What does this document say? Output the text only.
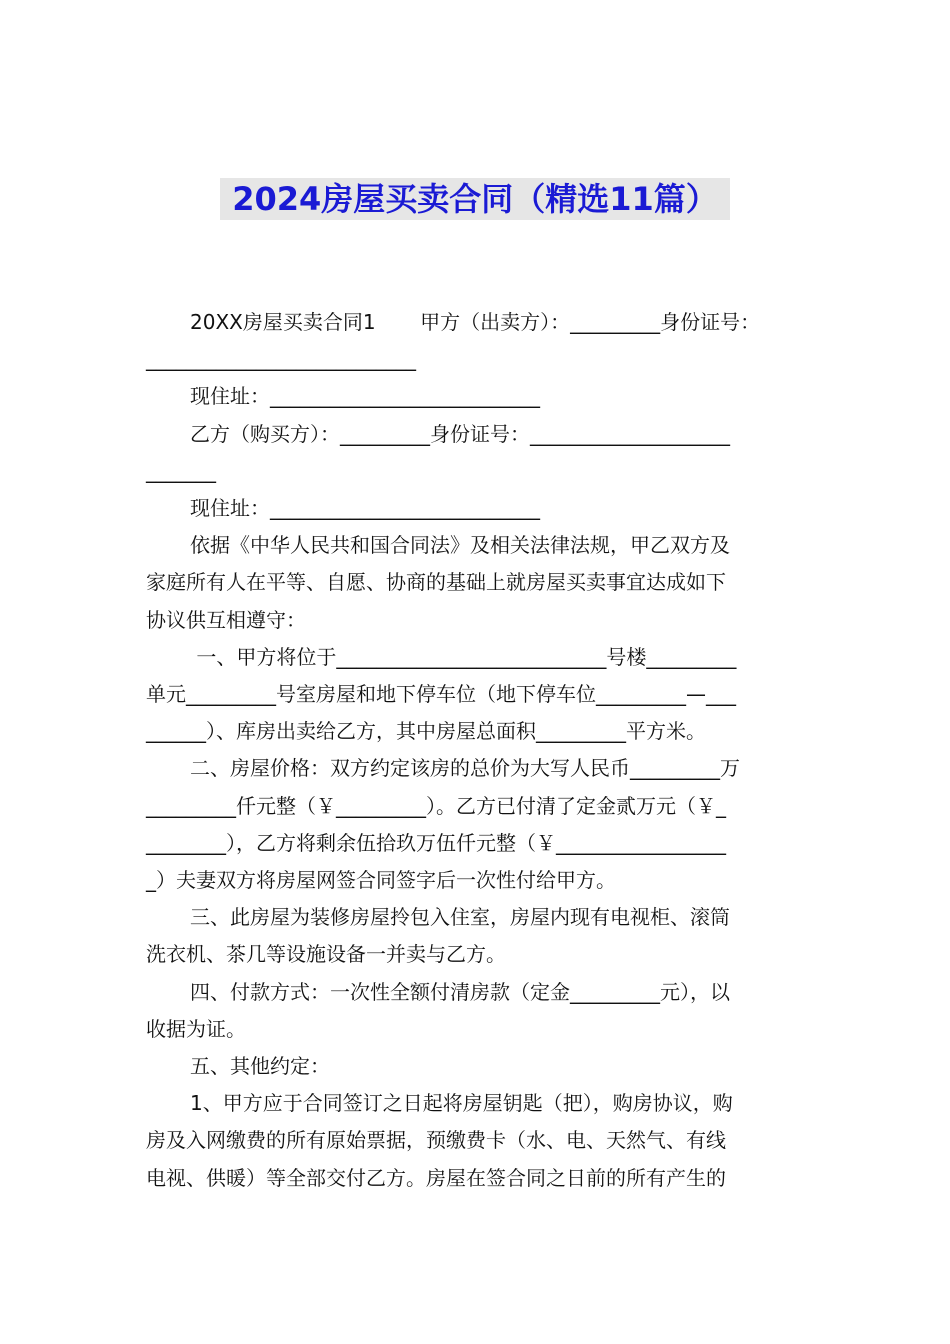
2024房屋买卖合同（精选11篇）

20XX房屋买卖合同1       甲方（出卖方）：_________身份证号：

___________________________

现住址：___________________________

乙方（购买方）：_________身份证号：____________________

_______

现住址：___________________________

依据《中华人民共和国合同法》及相关法律法规，甲乙双方及

家庭所有人在平等、自愿、协商的基础上就房屋买卖事宜达成如下

协议供互相遵守：

一、甲方将位于___________________________号楼_________

单元_________号室房屋和地下停车位（地下停车位_________—___

______）、库房出卖给乙方，其中房屋总面积_________平方米。

二、房屋价格：双方约定该房的总价为大写人民币_________万

_________仟元整（￥_________）。乙方已付清了定金贰万元（￥_

________），乙方将剩余伍拾玖万伍仟元整（￥_________________

_）夫妻双方将房屋网签合同签字后一次性付给甲方。

三、此房屋为装修房屋拎包入住室，房屋内现有电视柜、滚筒

洗衣机、茶几等设施设备一并卖与乙方。

四、付款方式：一次性全额付清房款（定金_________元），以

收据为证。

五、其他约定：

1、甲方应于合同签订之日起将房屋钥匙（把），购房协议，购

房及入网缴费的所有原始票据，预缴费卡（水、电、天然气、有线

电视、供暖）等全部交付乙方。房屋在签合同之日前的所有产生的
